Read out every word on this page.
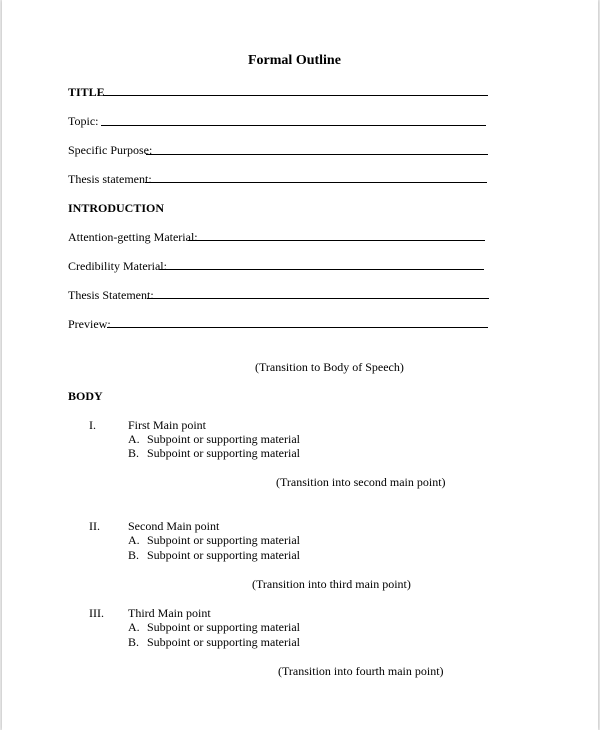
Formal Outline
TITLE
Topic:
Specific Purpose:
Thesis statement:
INTRODUCTION
Attention-getting Material:
Credibility Material:
Thesis Statement:
Preview:
(Transition to Body of Speech)
BODY
I.	First Main point
A. Subpoint or supporting material
B. Subpoint or supporting material
(Transition into second main point)
II. Second Main point
A. Subpoint or supporting material
B. Subpoint or supporting material
(Transition into third main point)
III. Third Main point
A. Subpoint or supporting material
B. Subpoint or supporting material
(Transition into fourth main point)
